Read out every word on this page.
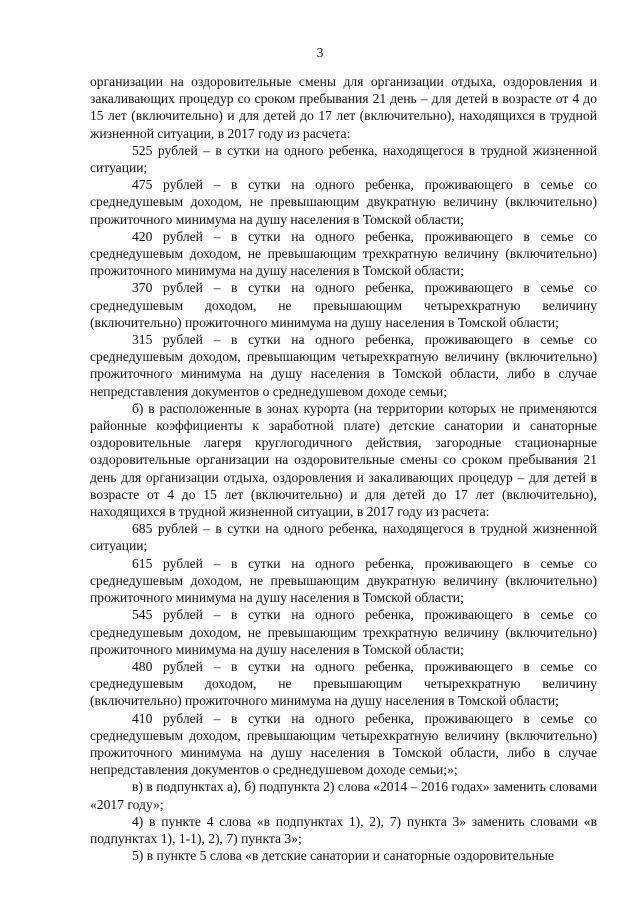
3

организации на оздоровительные смены для организации отдыха, оздоровления и закаливающих процедур со сроком пребывания 21 день – для детей в возрасте от 4 до 15 лет (включительно) и для детей до 17 лет (включительно), находящихся в трудной жизненной ситуации, в 2017 году из расчета:

525 рублей – в сутки на одного ребенка, находящегося в трудной жизненной ситуации;

475 рублей – в сутки на одного ребенка, проживающего в семье со среднедушевым доходом, не превышающим двукратную величину (включительно) прожиточного минимума на душу населения в Томской области;

420 рублей – в сутки на одного ребенка, проживающего в семье со среднедушевым доходом, не превышающим трехкратную величину (включительно) прожиточного минимума на душу населения в Томской области;

370 рублей – в сутки на одного ребенка, проживающего в семье со среднедушевым доходом, не превышающим четырехкратную величину (включительно) прожиточного минимума на душу населения в Томской области;

315 рублей – в сутки на одного ребенка, проживающего в семье со среднедушевым доходом, превышающим четырехкратную величину (включительно) прожиточного минимума на душу населения в Томской области, либо в случае непредставления документов о среднедушевом доходе семьи;

б) в расположенные в зонах курорта (на территории которых не применяются районные коэффициенты к заработной плате) детские санатории и санаторные оздоровительные лагеря круглогодичного действия, загородные стационарные оздоровительные организации на оздоровительные смены со сроком пребывания 21 день для организации отдыха, оздоровления и закаливающих процедур – для детей в возрасте от 4 до 15 лет (включительно) и для детей до 17 лет (включительно), находящихся в трудной жизненной ситуации, в 2017 году из расчета:

685 рублей – в сутки на одного ребенка, находящегося в трудной жизненной ситуации;

615 рублей – в сутки на одного ребенка, проживающего в семье со среднедушевым доходом, не превышающим двукратную величину (включительно) прожиточного минимума на душу населения в Томской области;

545 рублей – в сутки на одного ребенка, проживающего в семье со среднедушевым доходом, не превышающим трехкратную величину (включительно) прожиточного минимума на душу населения в Томской области;

480 рублей – в сутки на одного ребенка, проживающего в семье со среднедушевым доходом, не превышающим четырехкратную величину (включительно) прожиточного минимума на душу населения в Томской области;

410 рублей – в сутки на одного ребенка, проживающего в семье со среднедушевым доходом, превышающим четырехкратную величину (включительно) прожиточного минимума на душу населения в Томской области, либо в случае непредставления документов о среднедушевом доходе семьи;»;

в) в подпунктах а), б) подпункта 2) слова «2014 – 2016 годах» заменить словами «2017 году»;

4) в пункте 4 слова «в подпунктах 1), 2), 7) пункта 3» заменить словами «в подпунктах 1), 1-1), 2), 7) пункта 3»;

5) в пункте 5 слова «в детские санатории и санаторные оздоровительные
